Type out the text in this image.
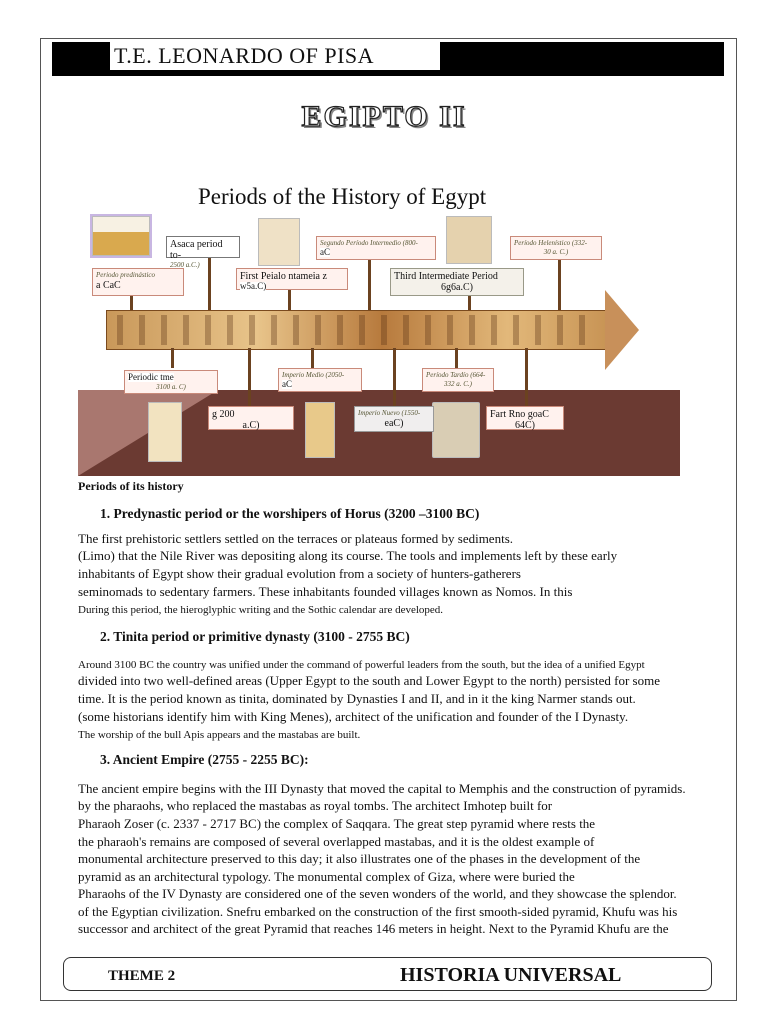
T.E. LEONARDO OF PISA
EGIPTO II
Periods of the History of Egypt
Periodo predinástico
a CaC
Asaca period to-
2500 a.C.)
First Peialo ntameia z
w5a.C)
Segundo Período Intermedio (800-
aC
Third Intermediate Period
6g6a.C)
Período Helenístico (332-
30 a. C.)
Periodic tme
3100 a. C)
Imperio Medio (2050-
aC
Período Tardío (664-
332 a. C.)
g 200
a.C)
Imperio Nuevo (1550-
eaC)
Fart Rno goaC
64C)
Periods of its history
1. Predynastic period or the worshipers of Horus (3200 –3100 BC)
The first prehistoric settlers settled on the terraces or plateaus formed by sediments.
(Limo) that the Nile River was depositing along its course. The tools and implements left by these early
inhabitants of Egypt show their gradual evolution from a society of hunters-gatherers
seminomads to sedentary farmers. These inhabitants founded villages known as Nomos. In this
During this period, the hieroglyphic writing and the Sothic calendar are developed.
2. Tinita period or primitive dynasty (3100 - 2755 BC)
Around 3100 BC the country was unified under the command of powerful leaders from the south, but the idea of a unified Egypt
divided into two well-defined areas (Upper Egypt to the south and Lower Egypt to the north) persisted for some
time. It is the period known as tinita, dominated by Dynasties I and II, and in it the king Narmer stands out.
(some historians identify him with King Menes), architect of the unification and founder of the I Dynasty.
The worship of the bull Apis appears and the mastabas are built.
3. Ancient Empire (2755 - 2255 BC):
The ancient empire begins with the III Dynasty that moved the capital to Memphis and the construction of pyramids.
by the pharaohs, who replaced the mastabas as royal tombs. The architect Imhotep built for
Pharaoh Zoser (c. 2337 - 2717 BC) the complex of Saqqara. The great step pyramid where rests the
the pharaoh's remains are composed of several overlapped mastabas, and it is the oldest example of
monumental architecture preserved to this day; it also illustrates one of the phases in the development of the
pyramid as an architectural typology. The monumental complex of Giza, where were buried the
Pharaohs of the IV Dynasty are considered one of the seven wonders of the world, and they showcase the splendor.
of the Egyptian civilization. Snefru embarked on the construction of the first smooth-sided pyramid, Khufu was his
successor and architect of the great Pyramid that reaches 146 meters in height. Next to the Pyramid Khufu are the
THEME 2	HISTORIA UNIVERSAL
